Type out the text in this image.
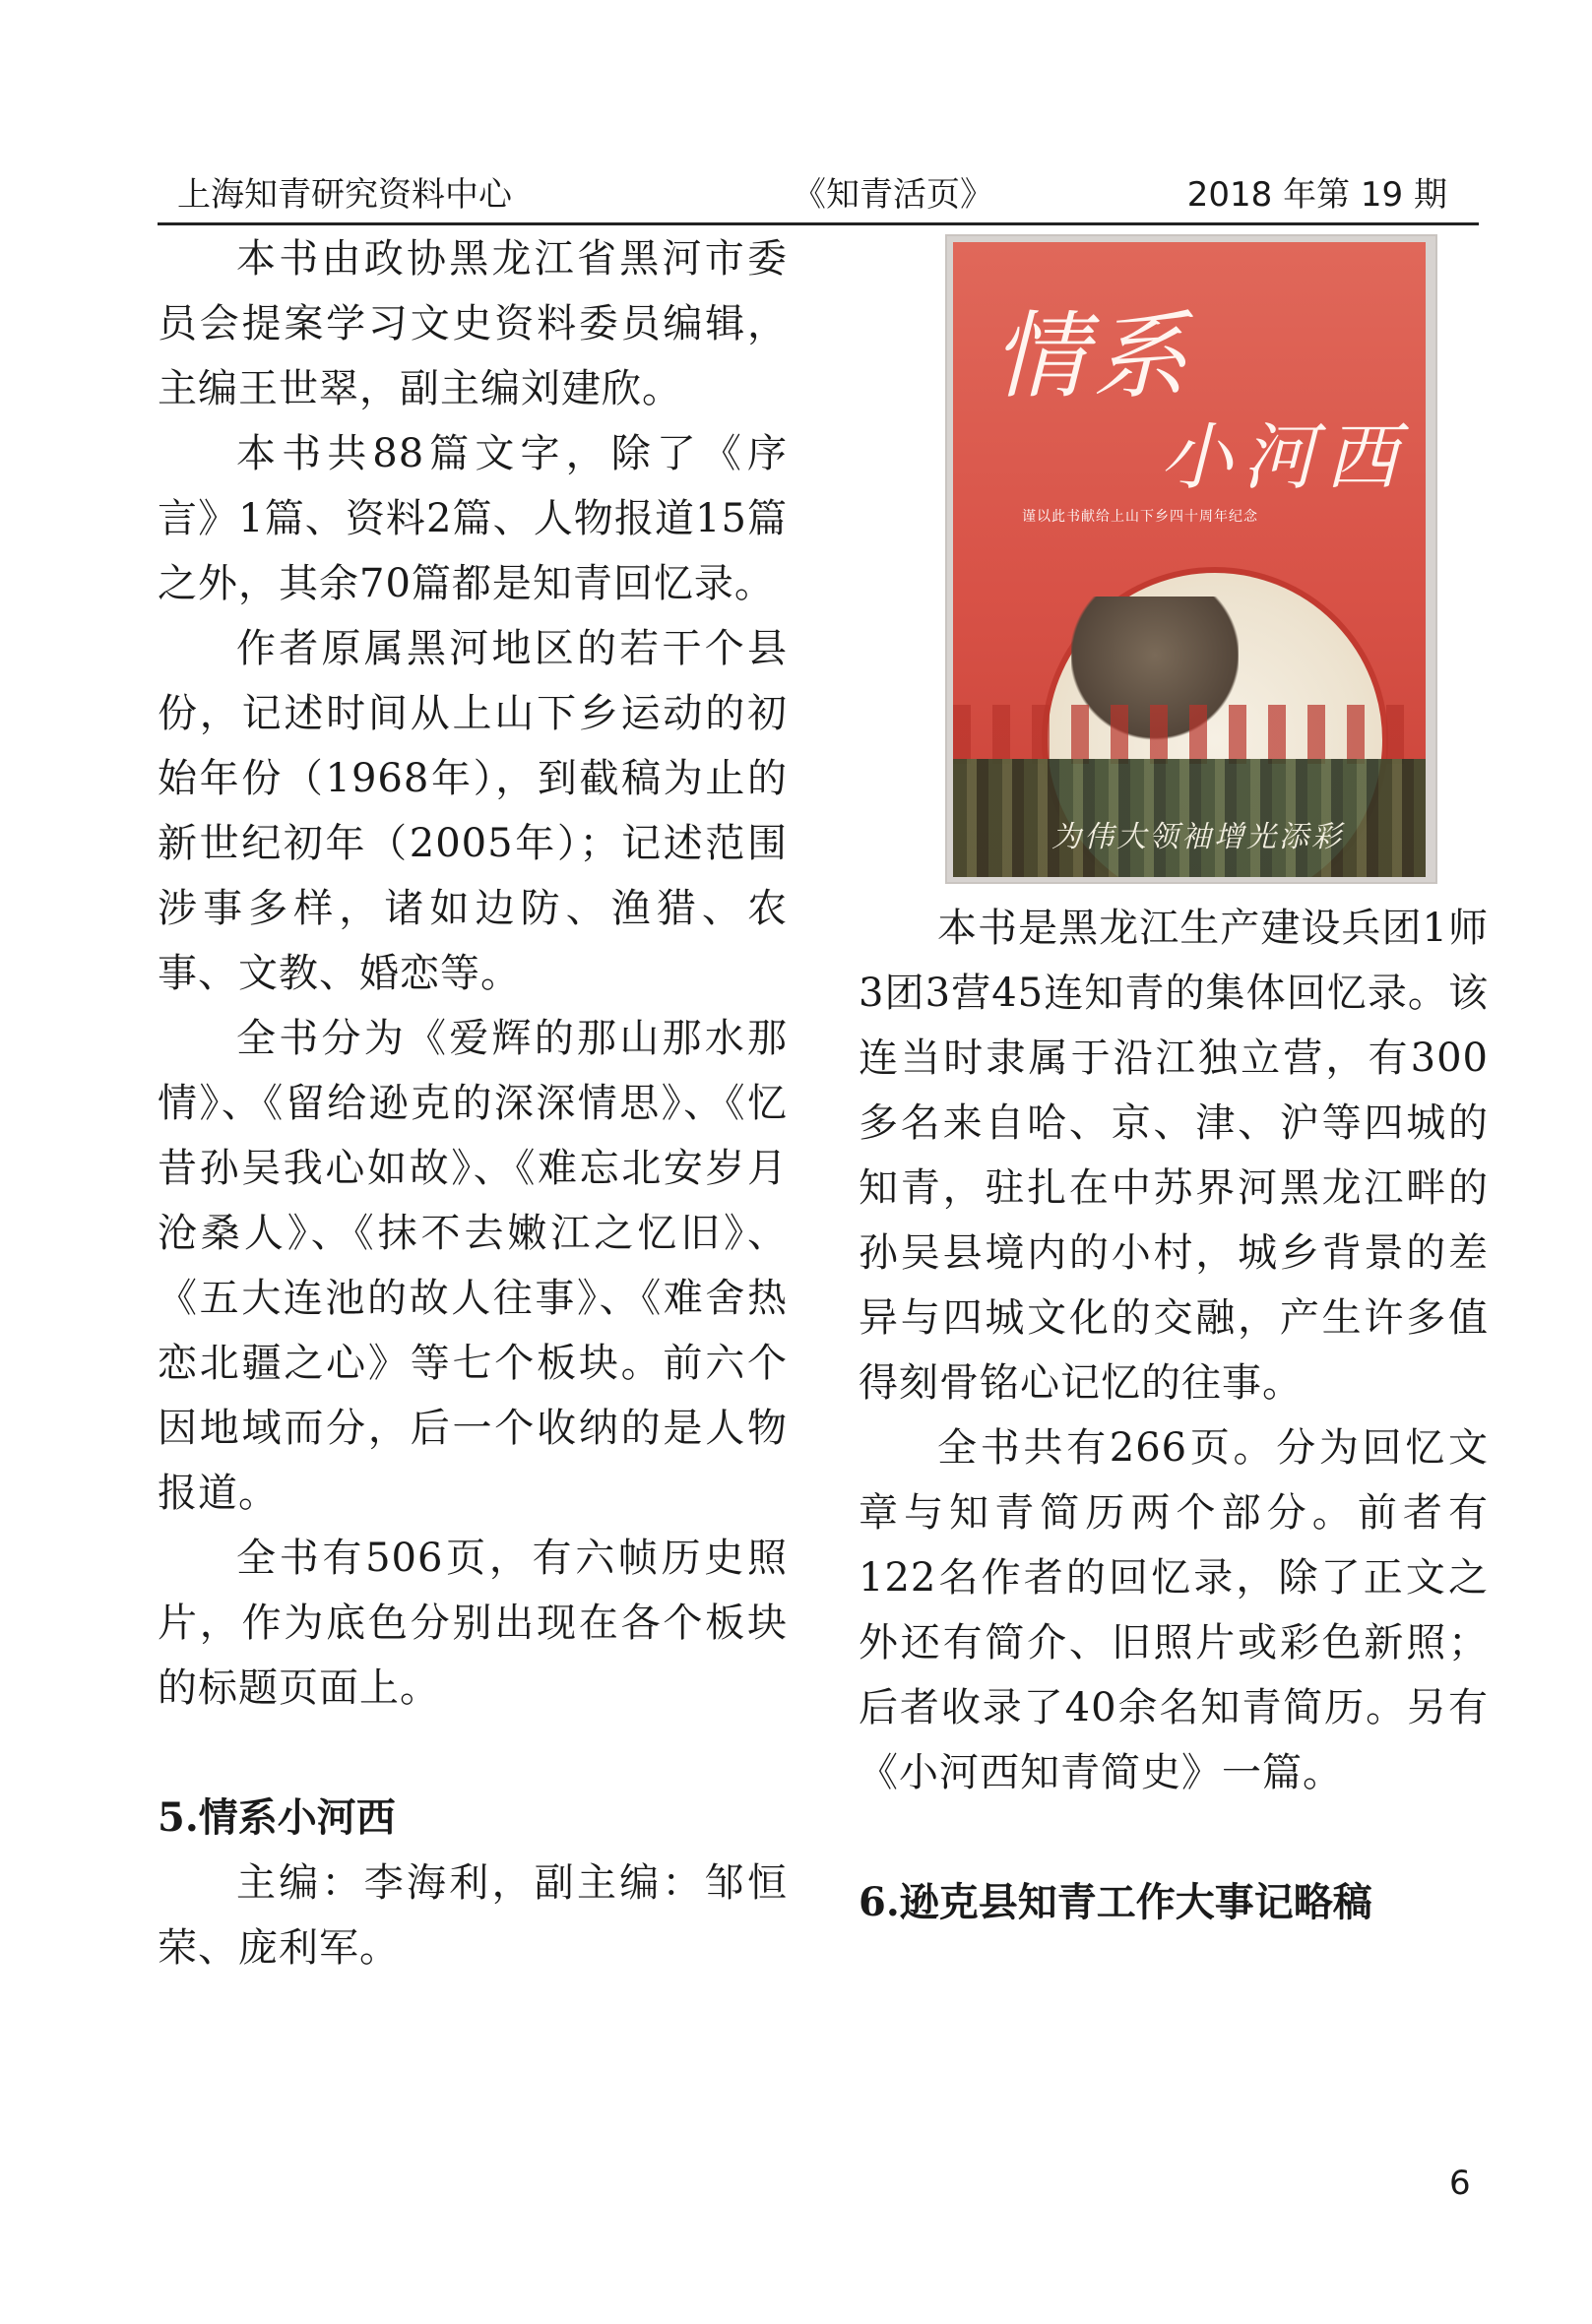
上海知青研究资料中心	《知青活页》	2018 年第 19 期

本书由政协黑龙江省黑河市委员会提案学习文史资料委员编辑，主编王世翠，副主编刘建欣。

本书共88篇文字，除了《序言》1篇、资料2篇、人物报道15篇之外，其余70篇都是知青回忆录。

作者原属黑河地区的若干个县份，记述时间从上山下乡运动的初始年份（1968年），到截稿为止的新世纪初年（2005年）；记述范围涉事多样，诸如边防、渔猎、农事、文教、婚恋等。

全书分为《爱辉的那山那水那情》、《留给逊克的深深情思》、《忆昔孙吴我心如故》、《难忘北安岁月沧桑人》、《抹不去嫩江之忆旧》、《五大连池的故人往事》、《难舍热恋北疆之心》等七个板块。前六个因地域而分，后一个收纳的是人物报道。

全书有506页，有六帧历史照片，作为底色分别出现在各个板块的标题页面上。

5.情系小河西

主编：李海利，副主编：邹恒荣、庞利军。

情系
小河西
谨以此书献给上山下乡四十周年纪念
为伟大领袖增光添彩

本书是黑龙江生产建设兵团1师3团3营45连知青的集体回忆录。该连当时隶属于沿江独立营，有300多名来自哈、京、津、沪等四城的知青，驻扎在中苏界河黑龙江畔的孙吴县境内的小村，城乡背景的差异与四城文化的交融，产生许多值得刻骨铭心记忆的往事。

全书共有266页。分为回忆文章与知青简历两个部分。前者有122名作者的回忆录，除了正文之外还有简介、旧照片或彩色新照；后者收录了40余名知青简历。另有《小河西知青简史》一篇。

6.逊克县知青工作大事记略稿
6
